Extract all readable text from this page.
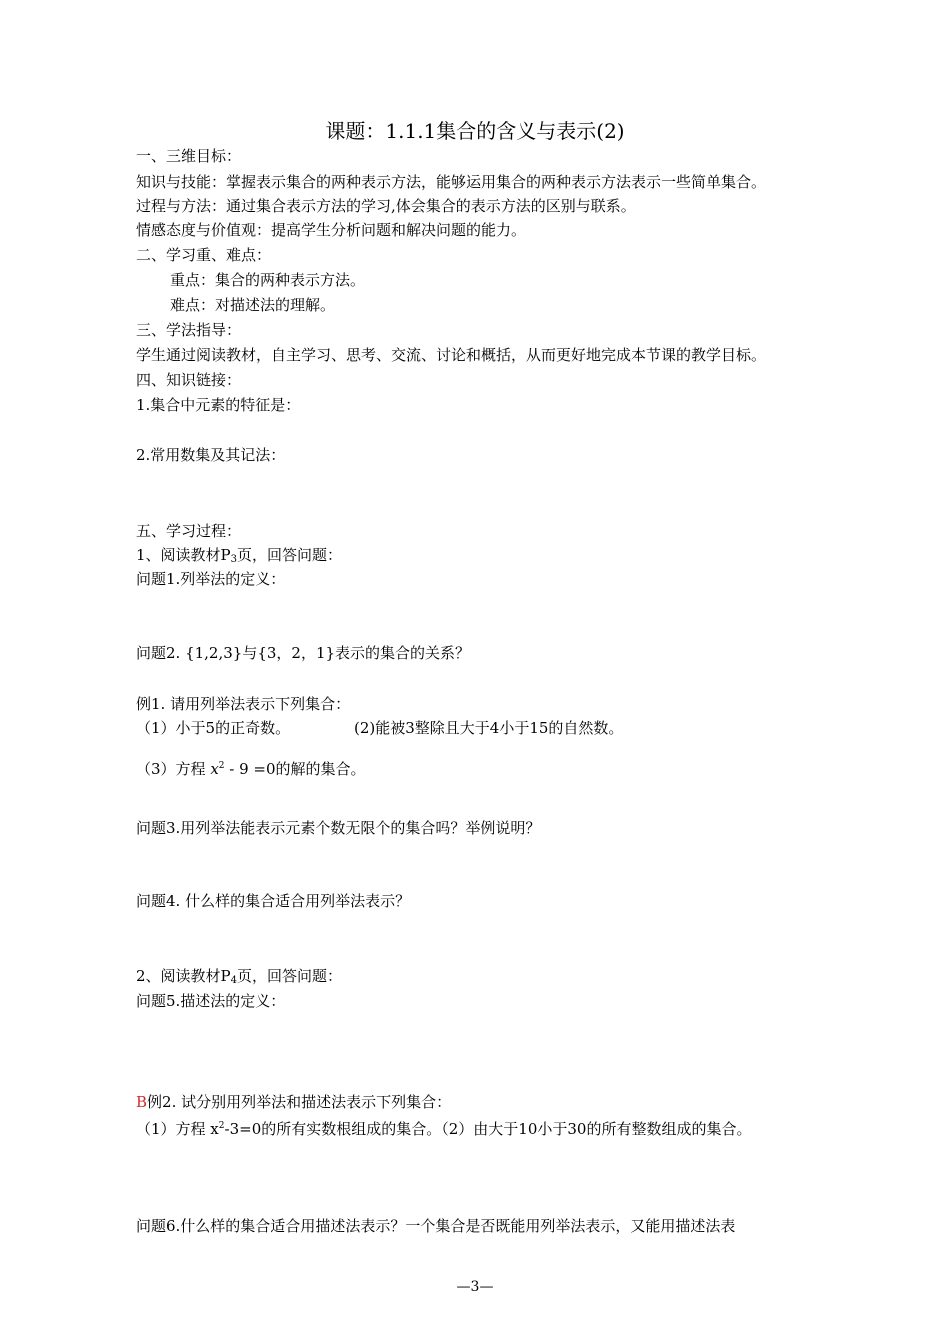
课题：1.1.1集合的含义与表示(2)
一、三维目标：
知识与技能：掌握表示集合的两种表示方法，能够运用集合的两种表示方法表示一些简单集合。
过程与方法：通过集合表示方法的学习,体会集合的表示方法的区别与联系。
情感态度与价值观：提高学生分析问题和解决问题的能力。
二、学习重、难点：
重点：集合的两种表示方法。
难点：对描述法的理解。
三、学法指导：
学生通过阅读教材，自主学习、思考、交流、讨论和概括，从而更好地完成本节课的教学目标。
四、知识链接：
1.集合中元素的特征是：
2.常用数集及其记法：
五、学习过程：
1、阅读教材$P_3$页，回答问题：
问题1.列举法的定义：
问题2. {1,2,3}与{3，2，1}表示的集合的关系？
例1. 请用列举法表示下列集合：
（1）小于5的正奇数。	(2)能被3整除且大于4小于15的自然数。
（3）方程 $x^2 - 9 =0$的解的集合。
问题3.用列举法能表示元素个数无限个的集合吗？举例说明？
问题4. 什么样的集合适合用列举法表示？
2、阅读教材$P_4$页，回答问题：
问题5.描述法的定义：
B例2. 试分别用列举法和描述法表示下列集合：
（1）方程 $x^2-3=0$的所有实数根组成的集合。（2）由大于10小于30的所有整数组成的集合。
问题6.什么样的集合适合用描述法表示？一个集合是否既能用列举法表示，又能用描述法表
—3—
